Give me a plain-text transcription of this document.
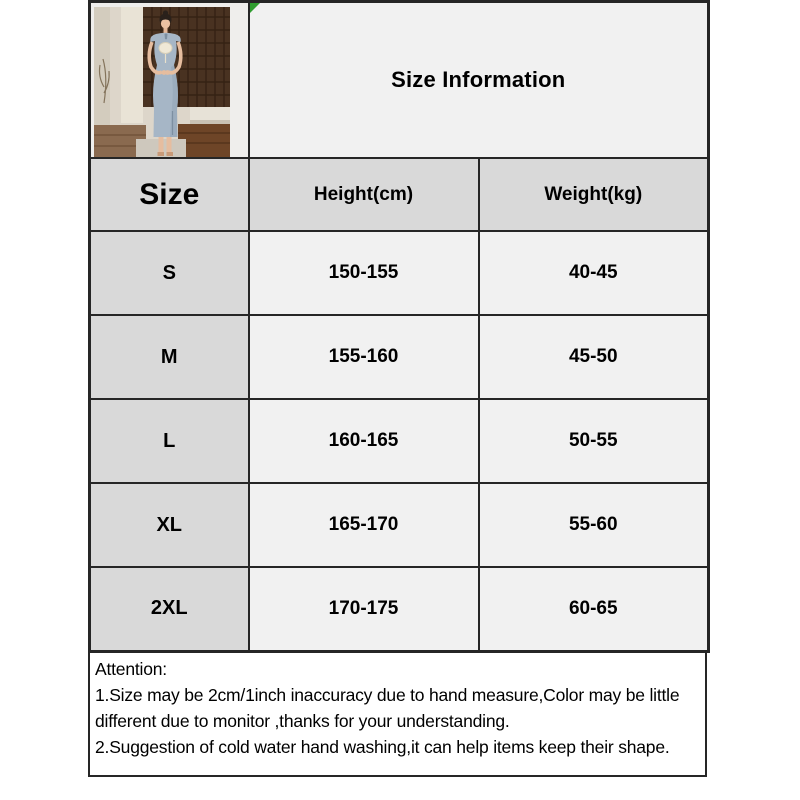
Size Information	
Size	Height(cm)	Weight(kg)
S	150-155	40-45
M	155-160	45-50
L	160-165	50-55
XL	165-170	55-60
2XL	170-175	60-65
Attention:
1.Size may be 2cm/1inch inaccuracy due to hand measure,Color may be little
different due to monitor ,thanks for your understanding.
2.Suggestion of cold water hand washing,it can help items keep their shape.
